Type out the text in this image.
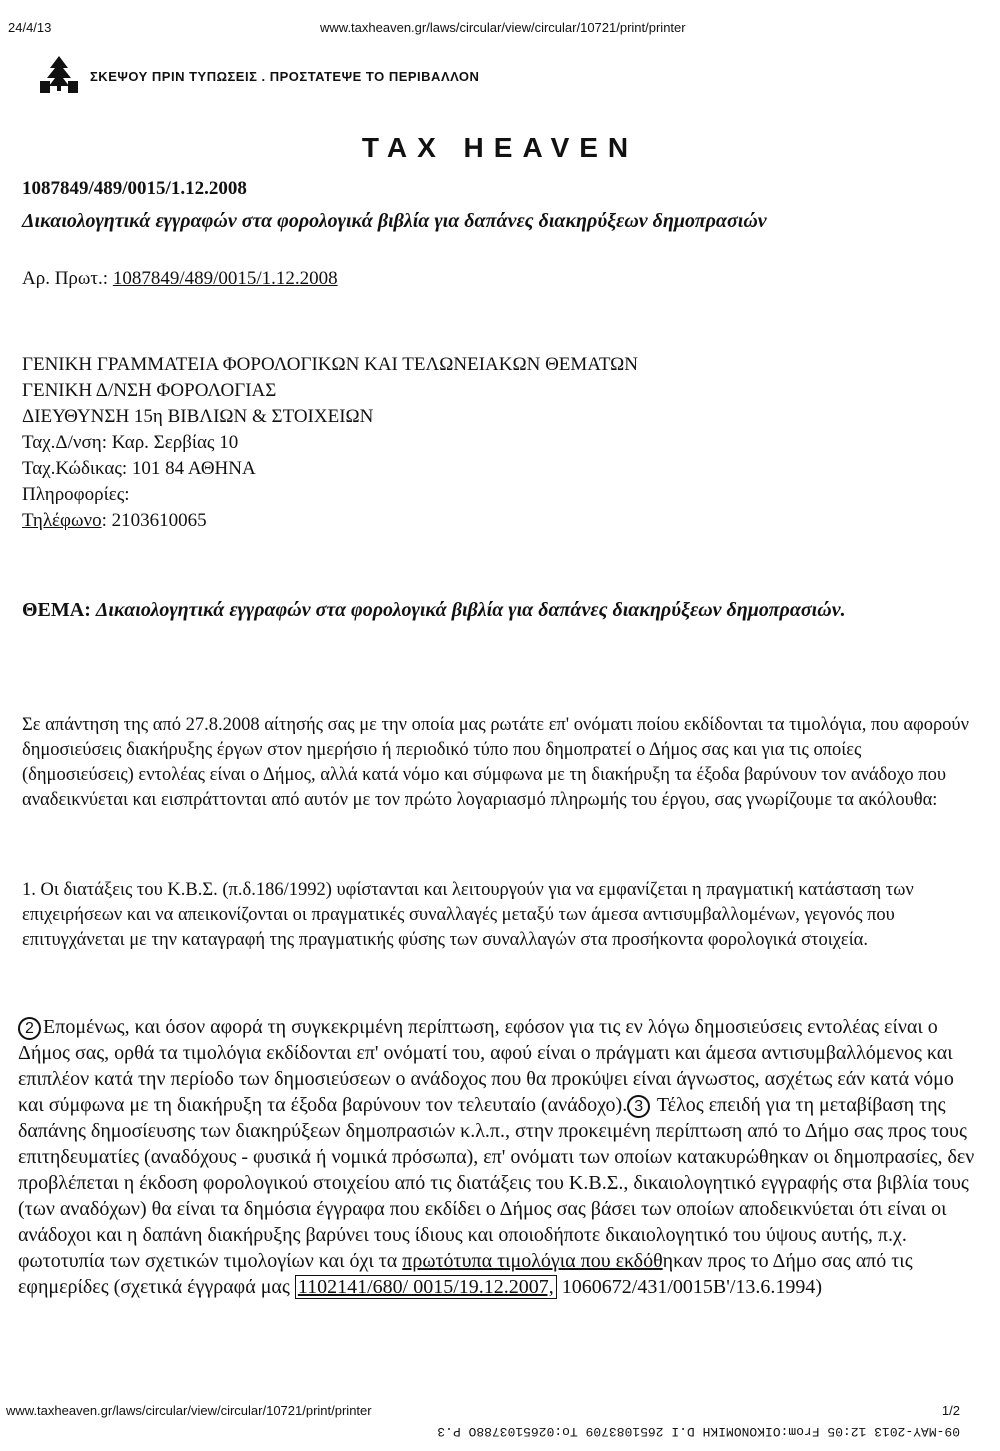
24/4/13	www.taxheaven.gr/laws/circular/view/circular/10721/print/printer
ΣΚΕΨΟΥ ΠΡΙΝ ΤΥΠΩΣΕΙΣ . ΠΡΟΣΤΑΤΕΨΕ ΤΟ ΠΕΡΙΒΑΛΛΟΝ
TAX HEAVEN
1087849/489/0015/1.12.2008
Δικαιολογητικά εγγραφών στα φορολογικά βιβλία για δαπάνες διακηρύξεων δημοπρασιών
Αρ. Πρωτ.: 1087849/489/0015/1.12.2008
ΓΕΝΙΚΗ ΓΡΑΜΜΑΤΕΙΑ ΦΟΡΟΛΟΓΙΚΩΝ ΚΑΙ ΤΕΛΩΝΕΙΑΚΩΝ ΘΕΜΑΤΩΝ
ΓΕΝΙΚΗ Δ/ΝΣΗ ΦΟΡΟΛΟΓΙΑΣ
ΔΙΕΥΘΥΝΣΗ 15η ΒΙΒΛΙΩΝ & ΣΤΟΙΧΕΙΩΝ
Ταχ.Δ/νση: Καρ. Σερβίας 10
Ταχ.Κώδικας: 101 84 ΑΘΗΝΑ
Πληροφορίες:
Τηλέφωνο: 2103610065
ΘΕΜΑ: Δικαιολογητικά εγγραφών στα φορολογικά βιβλία για δαπάνες διακηρύξεων δημοπρασιών.
Σε απάντηση της από 27.8.2008 αίτησής σας με την οποία μας ρωτάτε επ' ονόματι ποίου εκδίδονται τα τιμολόγια, που αφορούν δημοσιεύσεις διακήρυξης έργων στον ημερήσιο ή περιοδικό τύπο που δημοπρατεί ο Δήμος σας και για τις οποίες (δημοσιεύσεις) εντολέας είναι ο Δήμος, αλλά κατά νόμο και σύμφωνα με τη διακήρυξη τα έξοδα βαρύνουν τον ανάδοχο που αναδεικνύεται και εισπράττονται από αυτόν με τον πρώτο λογαριασμό πληρωμής του έργου, σας γνωρίζουμε τα ακόλουθα:
1. Οι διατάξεις του Κ.Β.Σ. (π.δ.186/1992) υφίστανται και λειτουργούν για να εμφανίζεται η πραγματική κατάσταση των επιχειρήσεων και να απεικονίζονται οι πραγματικές συναλλαγές μεταξύ των άμεσα αντισυμβαλλομένων, γεγονός που επιτυγχάνεται με την καταγραφή της πραγματικής φύσης των συναλλαγών στα προσήκοντα φορολογικά στοιχεία.
2 Επομένως, και όσον αφορά τη συγκεκριμένη περίπτωση, εφόσον για τις εν λόγω δημοσιεύσεις εντολέας είναι ο Δήμος σας, ορθά τα τιμολόγια εκδίδονται επ' ονόματί του, αφού είναι ο πράγματι και άμεσα αντισυμβαλλόμενος και επιπλέον κατά την περίοδο των δημοσιεύσεων ο ανάδοχος που θα προκύψει είναι άγνωστος, ασχέτως εάν κατά νόμο και σύμφωνα με τη διακήρυξη τα έξοδα βαρύνουν τον τελευταίο (ανάδοχο). 3 Τέλος επειδή για τη μεταβίβαση της δαπάνης δημοσίευσης των διακηρύξεων δημοπρασιών κ.λ.π., στην προκειμένη περίπτωση από το Δήμο σας προς τους επιτηδευματίες (αναδόχους - φυσικά ή νομικά πρόσωπα), επ' ονόματι των οποίων κατακυρώθηκαν οι δημοπρασίες, δεν προβλέπεται η έκδοση φορολογικού στοιχείου από τις διατάξεις του Κ.Β.Σ., δικαιολογητικό εγγραφής στα βιβλία τους (των αναδόχων) θα είναι τα δημόσια έγγραφα που εκδίδει ο Δήμος σας βάσει των οποίων αποδεικνύεται ότι είναι οι ανάδοχοι και η δαπάνη διακήρυξης βαρύνει τους ίδιους και οποιοδήποτε δικαιολογητικό του ύψους αυτής, π.χ. φωτοτυπία των σχετικών τιμολογίων και όχι τα πρωτότυπα τιμολόγια που εκδόθηκαν προς το Δήμο σας από τις εφημερίδες (σχετικά έγγραφά μας 1102141/680/ 0015/19.12.2007, 1060672/431/0015Β'/13.6.1994)
www.taxheaven.gr/laws/circular/view/circular/10721/print/printer	1/2
09-MAY-2013 12:05 From:OIKONOMIKH D.I 2651083709 To:0265103788O P.3
